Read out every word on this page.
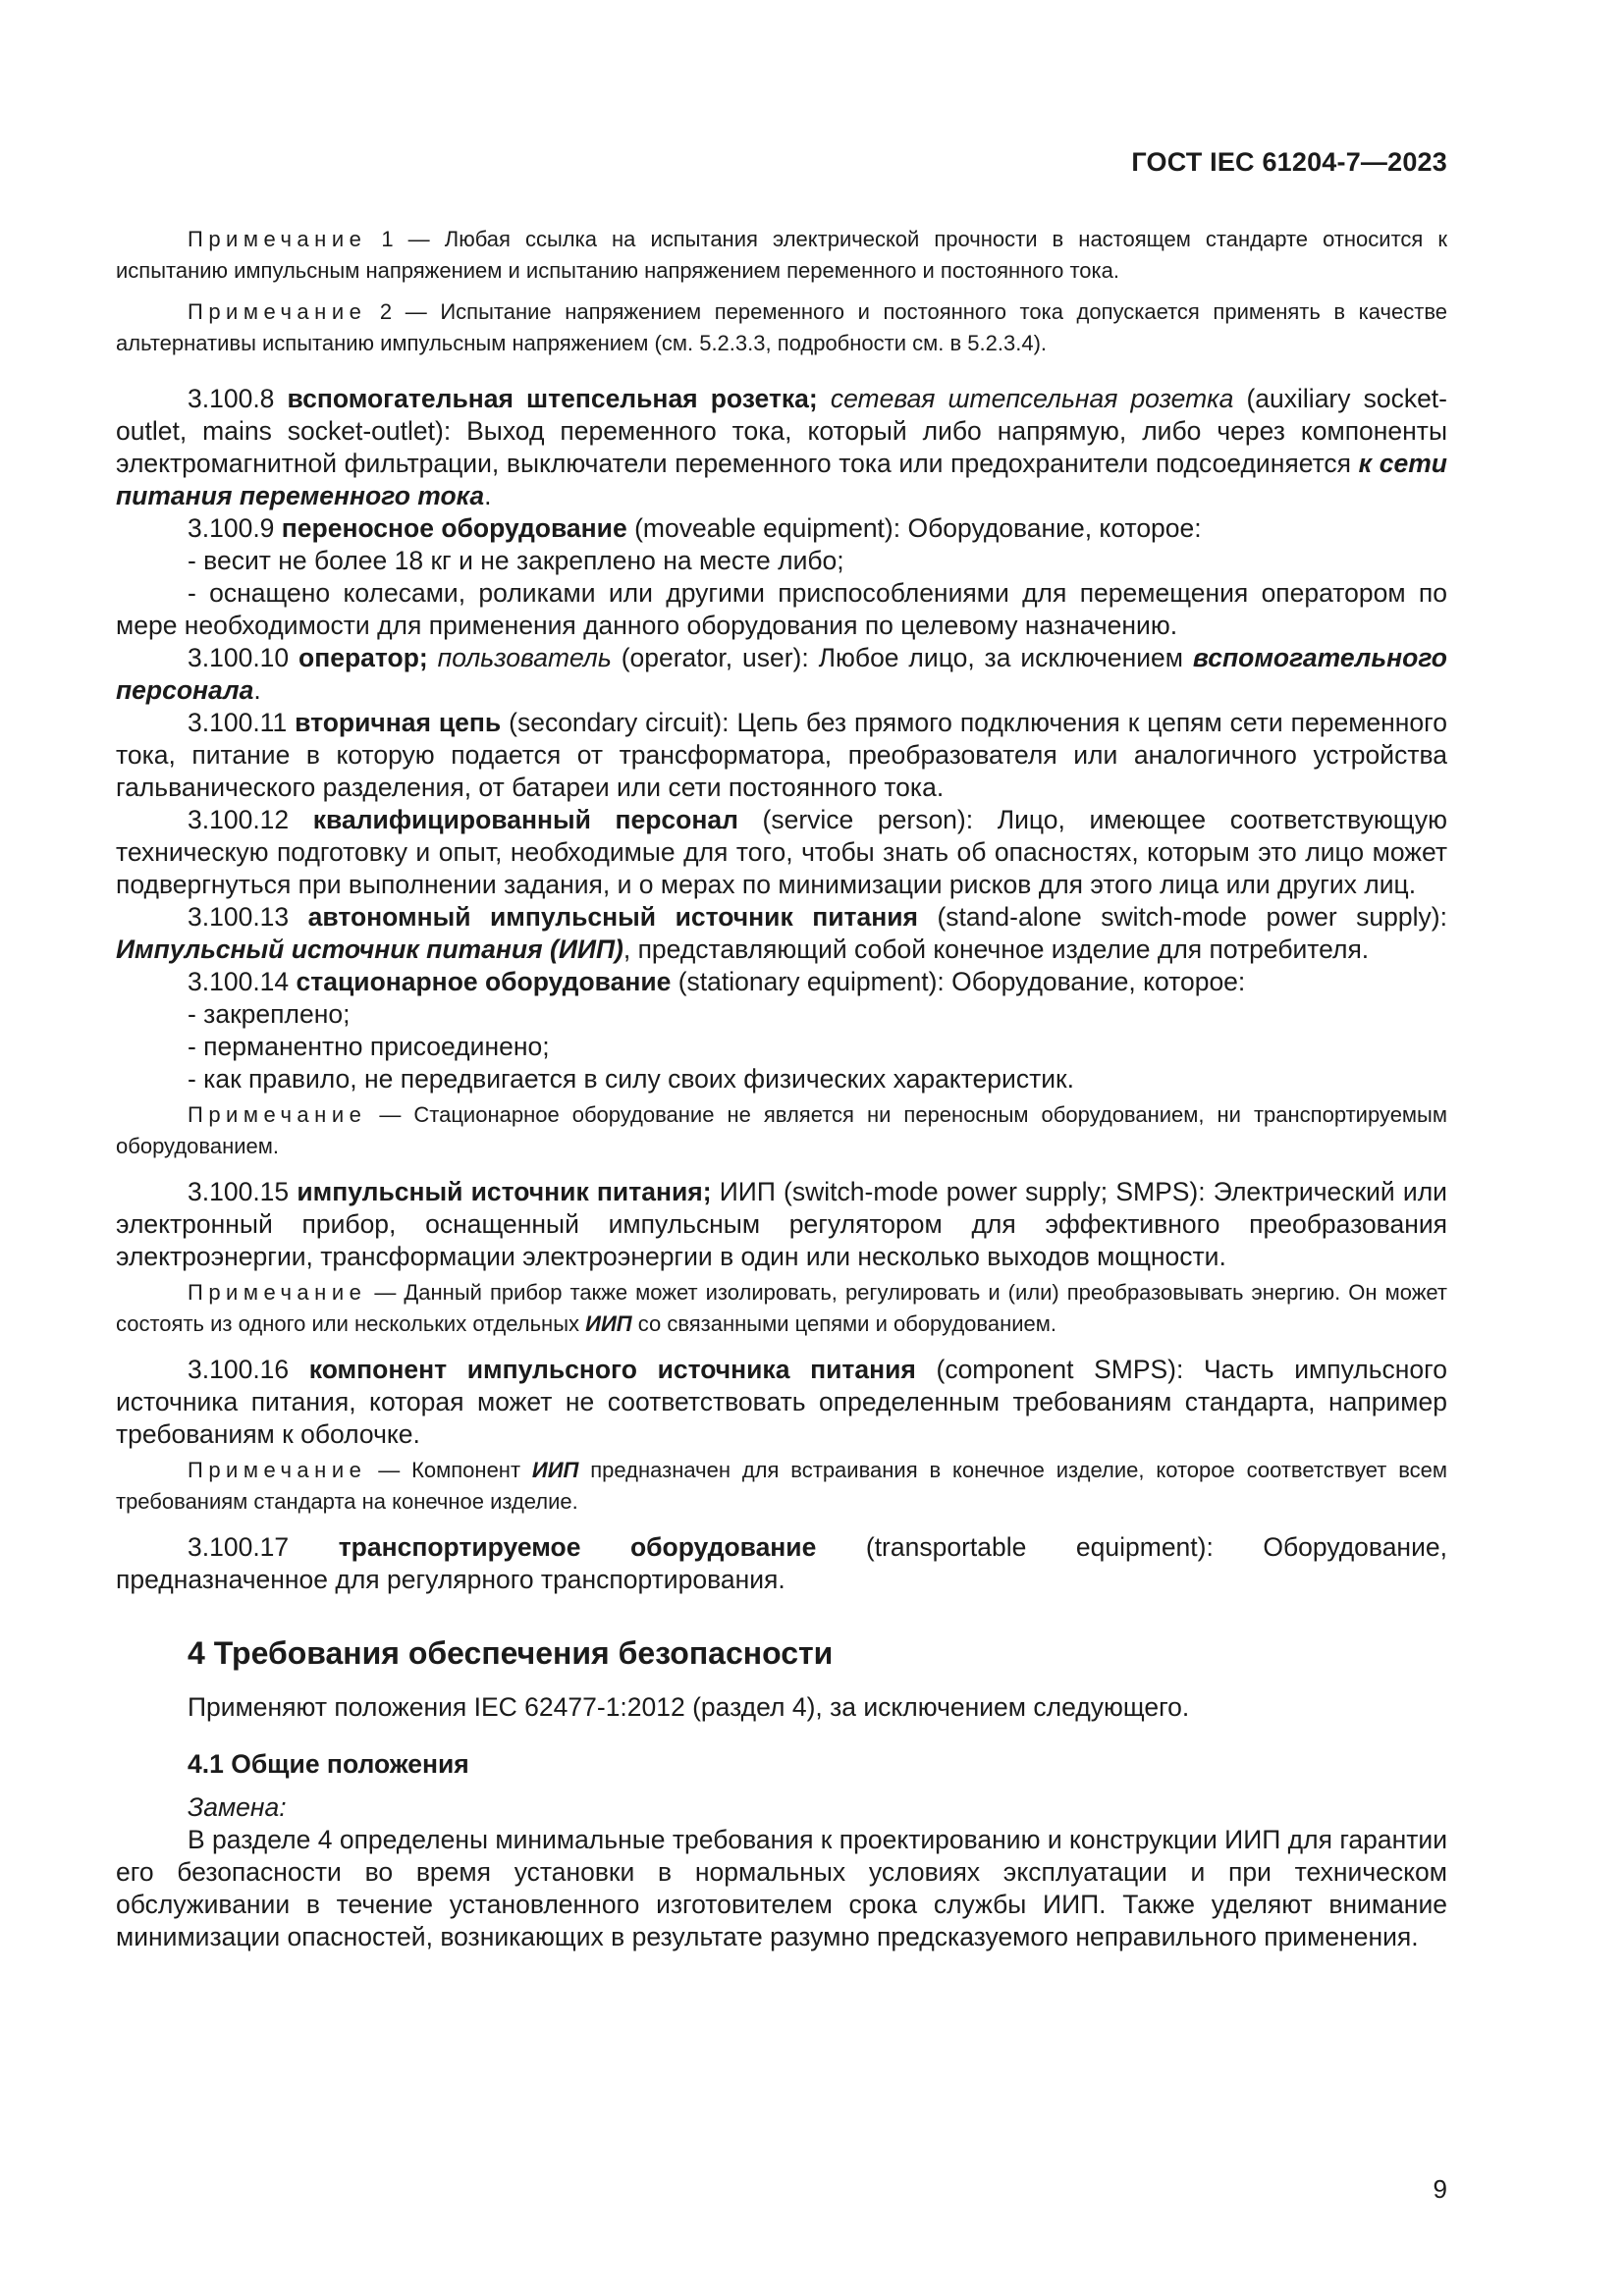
ГОСТ IEC 61204-7—2023

Примечание 1 — Любая ссылка на испытания электрической прочности в настоящем стандарте относится к испытанию импульсным напряжением и испытанию напряжением переменного и постоянного тока.

Примечание 2 — Испытание напряжением переменного и постоянного тока допускается применять в качестве альтернативы испытанию импульсным напряжением (см. 5.2.3.3, подробности см. в 5.2.3.4).

3.100.8 вспомогательная штепсельная розетка; сетевая штепсельная розетка (auxiliary socket-outlet, mains socket-outlet): Выход переменного тока, который либо напрямую, либо через компоненты электромагнитной фильтрации, выключатели переменного тока или предохранители подсоединяется к сети питания переменного тока.

3.100.9 переносное оборудование (moveable equipment): Оборудование, которое:

- весит не более 18 кг и не закреплено на месте либо;

- оснащено колесами, роликами или другими приспособлениями для перемещения оператором по мере необходимости для применения данного оборудования по целевому назначению.

3.100.10 оператор; пользователь (operator, user): Любое лицо, за исключением вспомогательного персонала.

3.100.11 вторичная цепь (secondary circuit): Цепь без прямого подключения к цепям сети переменного тока, питание в которую подается от трансформатора, преобразователя или аналогичного устройства гальванического разделения, от батареи или сети постоянного тока.

3.100.12 квалифицированный персонал (service person): Лицо, имеющее соответствующую техническую подготовку и опыт, необходимые для того, чтобы знать об опасностях, которым это лицо может подвергнуться при выполнении задания, и о мерах по минимизации рисков для этого лица или других лиц.

3.100.13 автономный импульсный источник питания (stand-alone switch-mode power supply): Импульсный источник питания (ИИП), представляющий собой конечное изделие для потребителя.

3.100.14 стационарное оборудование (stationary equipment): Оборудование, которое:

- закреплено;

- перманентно присоединено;

- как правило, не передвигается в силу своих физических характеристик.

Примечание — Стационарное оборудование не является ни переносным оборудованием, ни транспортируемым оборудованием.

3.100.15 импульсный источник питания; ИИП (switch-mode power supply; SMPS): Электрический или электронный прибор, оснащенный импульсным регулятором для эффективного преобразования электроэнергии, трансформации электроэнергии в один или несколько выходов мощности.

Примечание — Данный прибор также может изолировать, регулировать и (или) преобразовывать энергию. Он может состоять из одного или нескольких отдельных ИИП со связанными цепями и оборудованием.

3.100.16 компонент импульсного источника питания (component SMPS): Часть импульсного источника питания, которая может не соответствовать определенным требованиям стандарта, например требованиям к оболочке.

Примечание — Компонент ИИП предназначен для встраивания в конечное изделие, которое соответствует всем требованиям стандарта на конечное изделие.

3.100.17 транспортируемое оборудование (transportable equipment): Оборудование, предназначенное для регулярного транспортирования.

4 Требования обеспечения безопасности

Применяют положения IEC 62477-1:2012 (раздел 4), за исключением следующего.

4.1 Общие положения
Замена:

В разделе 4 определены минимальные требования к проектированию и конструкции ИИП для гарантии его безопасности во время установки в нормальных условиях эксплуатации и при техническом обслуживании в течение установленного изготовителем срока службы ИИП. Также уделяют внимание минимизации опасностей, возникающих в результате разумно предсказуемого неправильного применения.

9
